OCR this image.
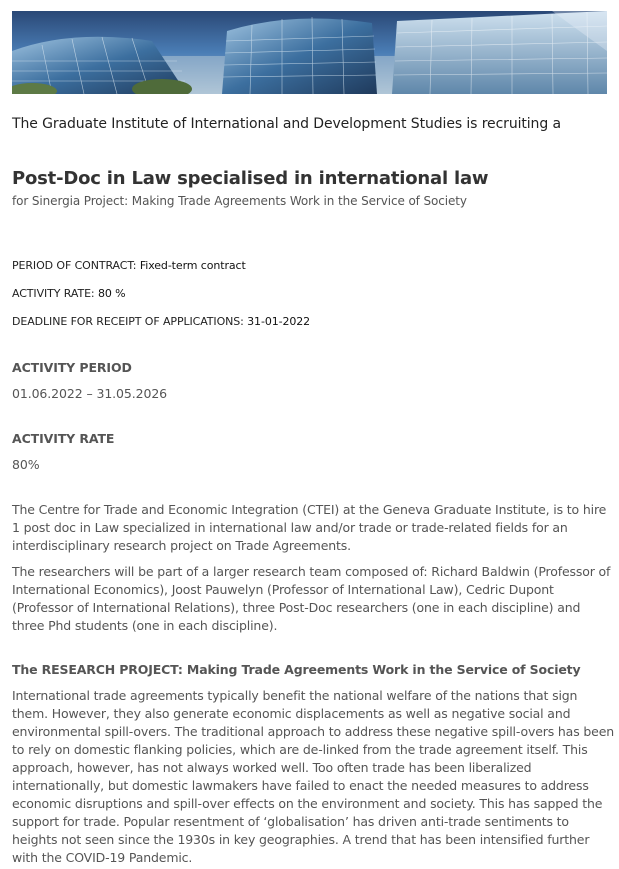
The Graduate Institute of International and Development Studies is recruiting a
Post-Doc in Law specialised in international law
for Sinergia Project: Making Trade Agreements Work in the Service of Society
PERIOD OF CONTRACT: Fixed-term contract
ACTIVITY RATE: 80 %
DEADLINE FOR RECEIPT OF APPLICATIONS: 31-01-2022
ACTIVITY PERIOD
01.06.2022 – 31.05.2026
ACTIVITY RATE
80%

The Centre for Trade and Economic Integration (CTEI) at the Geneva Graduate Institute, is to hire
1 post doc in Law specialized in international law and/or trade or trade-related fields for an
interdisciplinary research project on Trade Agreements.

The researchers will be part of a larger research team composed of: Richard Baldwin (Professor of
International Economics), Joost Pauwelyn (Professor of International Law), Cedric Dupont
(Professor of International Relations), three Post-Doc researchers (one in each discipline) and
three Phd students (one in each discipline).

The RESEARCH PROJECT: Making Trade Agreements Work in the Service of Society

International trade agreements typically benefit the national welfare of the nations that sign
them. However, they also generate economic displacements as well as negative social and
environmental spill-overs. The traditional approach to address these negative spill-overs has been
to rely on domestic flanking policies, which are de-linked from the trade agreement itself. This
approach, however, has not always worked well. Too often trade has been liberalized
internationally, but domestic lawmakers have failed to enact the needed measures to address
economic disruptions and spill-over effects on the environment and society. This has sapped the
support for trade. Popular resentment of ‘globalisation’ has driven anti-trade sentiments to
heights not seen since the 1930s in key geographies. A trend that has been intensified further
with the COVID-19 Pandemic.
